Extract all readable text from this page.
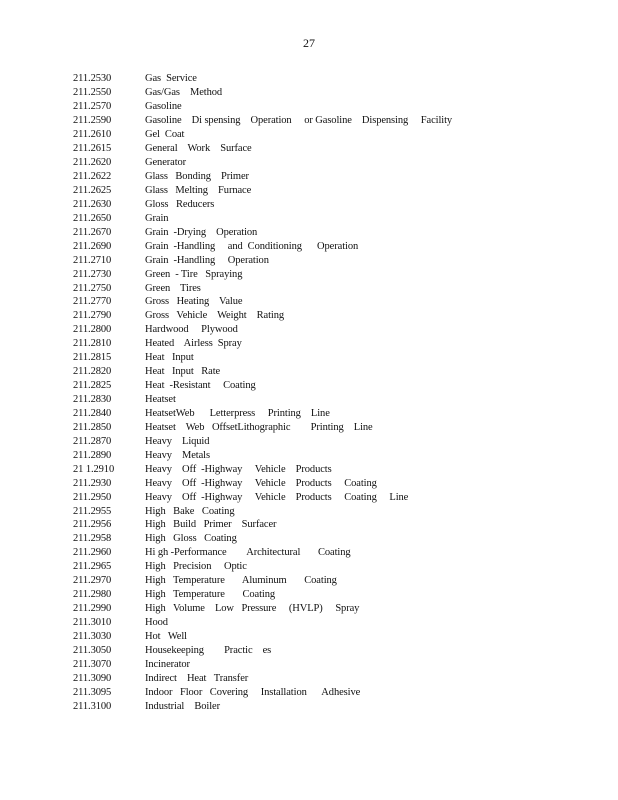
27
211.2530	Gas  Service
211.2550	Gas/Gas    Method
211.2570	Gasoline
211.2590	Gasoline    Di spensing    Operation     or Gasoline    Dispensing     Facility
211.2610	Gel  Coat
211.2615	General    Work    Surface
211.2620	Generator
211.2622	Glass   Bonding    Primer
211.2625	Glass   Melting    Furnace
211.2630	Gloss   Reducers
211.2650	Grain
211.2670	Grain  -Drying    Operation
211.2690	Grain  -Handling     and  Conditioning      Operation
211.2710	Grain  -Handling     Operation
211.2730	Green  - Tire   Spraying
211.2750	Green    Tires
211.2770	Gross   Heating    Value
211.2790	Gross   Vehicle    Weight    Rating
211.2800	Hardwood     Plywood
211.2810	Heated    Airless  Spray
211.2815	Heat   Input
211.2820	Heat   Input   Rate
211.2825	Heat  -Resistant     Coating
211.2830	Heatset
211.2840	HeatsetWeb      Letterpress     Printing    Line
211.2850	Heatset    Web   OffsetLithographic        Printing    Line
211.2870	Heavy    Liquid
211.2890	Heavy    Metals
21 1.2910	Heavy    Off  -Highway     Vehicle    Products
211.2930	Heavy    Off  -Highway     Vehicle    Products     Coating
211.2950	Heavy    Off  -Highway     Vehicle    Products     Coating     Line
211.2955	High   Bake   Coating
211.2956	High   Build   Primer    Surfacer
211.2958	High   Gloss   Coating
211.2960	Hi gh -Performance        Architectural       Coating
211.2965	High   Precision     Optic
211.2970	High   Temperature       Aluminum       Coating
211.2980	High   Temperature       Coating
211.2990	High   Volume    Low   Pressure     (HVLP)     Spray
211.3010	Hood
211.3030	Hot   Well
211.3050	Housekeeping        Practic    es
211.3070	Incinerator
211.3090	Indirect    Heat   Transfer
211.3095	Indoor   Floor   Covering     Installation      Adhesive
211.3100	Industrial    Boiler
